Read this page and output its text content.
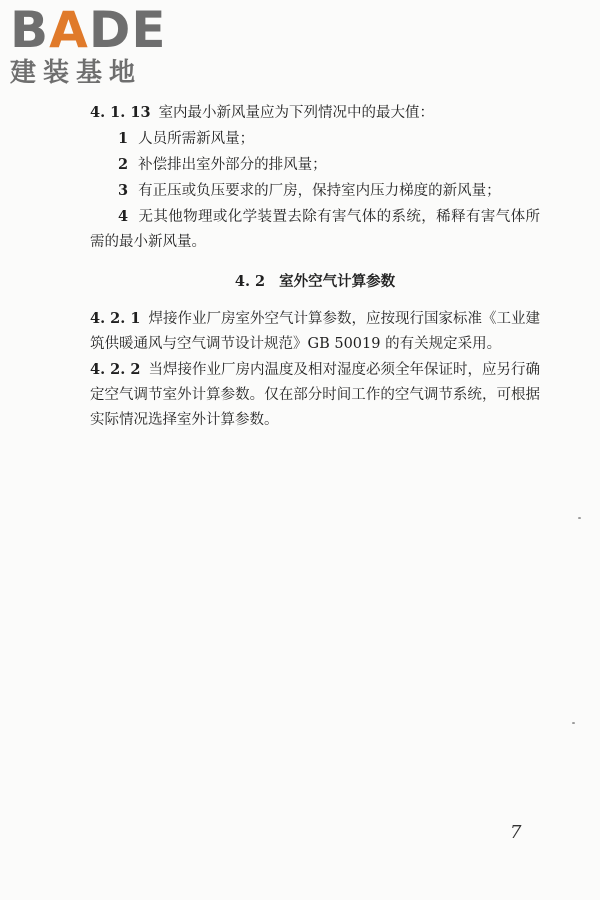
BADE
建装基地

4. 1. 13 室内最小新风量应为下列情况中的最大值：

1 人员所需新风量；

2 补偿排出室外部分的排风量；

3 有正压或负压要求的厂房，保持室内压力梯度的新风量；

4 无其他物理或化学装置去除有害气体的系统，稀释有害气体所需的最小新风量。

4. 2 室外空气计算参数

4. 2. 1 焊接作业厂房室外空气计算参数，应按现行国家标准《工业建筑供暖通风与空气调节设计规范》GB 50019 的有关规定采用。

4. 2. 2 当焊接作业厂房内温度及相对湿度必须全年保证时，应另行确定空气调节室外计算参数。仅在部分时间工作的空气调节系统，可根据实际情况选择室外计算参数。

7
